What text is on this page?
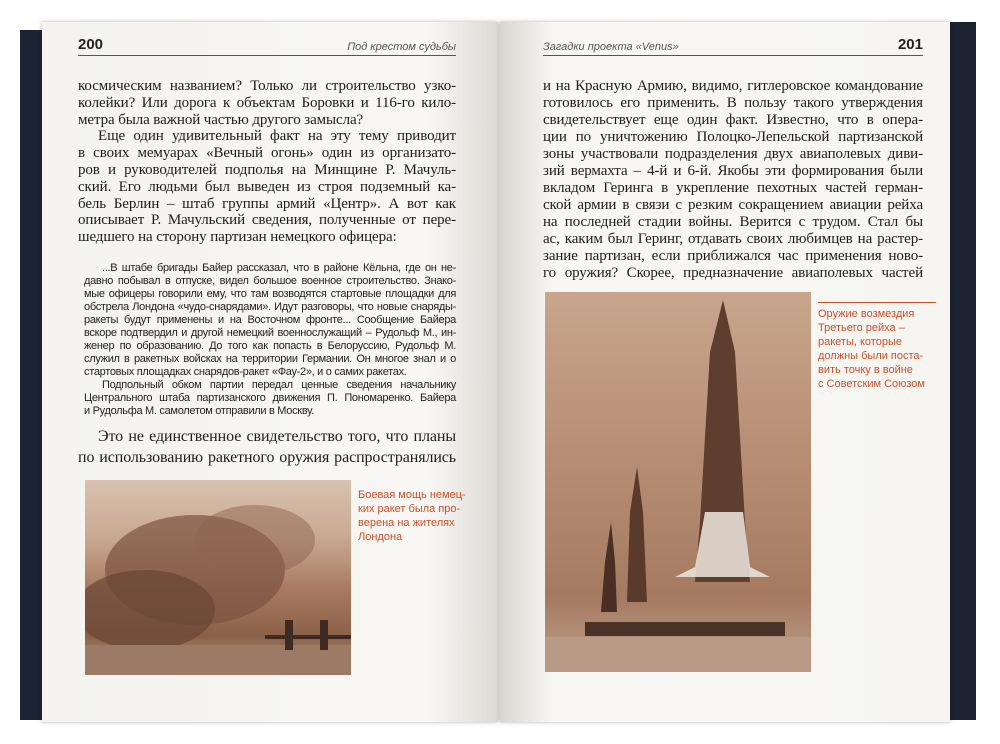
200	Под крестом судьбы
космическим названием? Только ли строительство узко-
колейки? Или дорога к объектам Боровки и 116-го кило-
метра была важной частью другого замысла?
Еще один удивительный факт на эту тему приводит
в своих мемуарах «Вечный огонь» один из организато-
ров и руководителей подполья на Минщине Р. Мачуль-
ский. Его людьми был выведен из строя подземный ка-
бель Берлин – штаб группы армий «Центр». А вот как
описывает Р. Мачульский сведения, полученные от пере-
шедшего на сторону партизан немецкого офицера:
...В штабе бригады Байер рассказал, что в районе Кёльна, где он не-
давно побывал в отпуске, видел большое военное строительство. Знако-
мые офицеры говорили ему, что там возводятся стартовые площадки для
обстрела Лондона «чудо-снарядами». Идут разговоры, что новые снаряды-
ракеты будут применены и на Восточном фронте... Сообщение Байера
вскоре подтвердил и другой немецкий военнослужащий – Рудольф М., ин-
женер по образованию. До того как попасть в Белоруссию, Рудольф М.
служил в ракетных войсках на территории Германии. Он многое знал и о
стартовых площадках снарядов-ракет «Фау-2», и о самих ракетах.
Подпольный обком партии передал ценные сведения начальнику
Центрального штаба партизанского движения П. Пономаренко. Байера
и Рудольфа М. самолетом отправили в Москву.
Это не единственное свидетельство того, что планы
по использованию ракетного оружия распространялись
Боевая мощь немец-
ких ракет была про-
верена на жителях
Лондона
Загадки проекта «Venus»	201
и на Красную Армию, видимо, гитлеровское командование
готовилось его применить. В пользу такого утверждения
свидетельствует еще один факт. Известно, что в опера-
ции по уничтожению Полоцко-Лепельской партизанской
зоны участвовали подразделения двух авиаполевых диви-
зий вермахта – 4-й и 6-й. Якобы эти формирования были
вкладом Геринга в укрепление пехотных частей герман-
ской армии в связи с резким сокращением авиации рейха
на последней стадии войны. Верится с трудом. Стал бы
ас, каким был Геринг, отдавать своих любимцев на растер-
зание партизан, если приближался час применения ново-
го оружия? Скорее, предназначение авиаполевых частей
Оружие возмездия
Третьего рейха –
ракеты, которые
должны были поста-
вить точку в войне
с Советским Союзом
